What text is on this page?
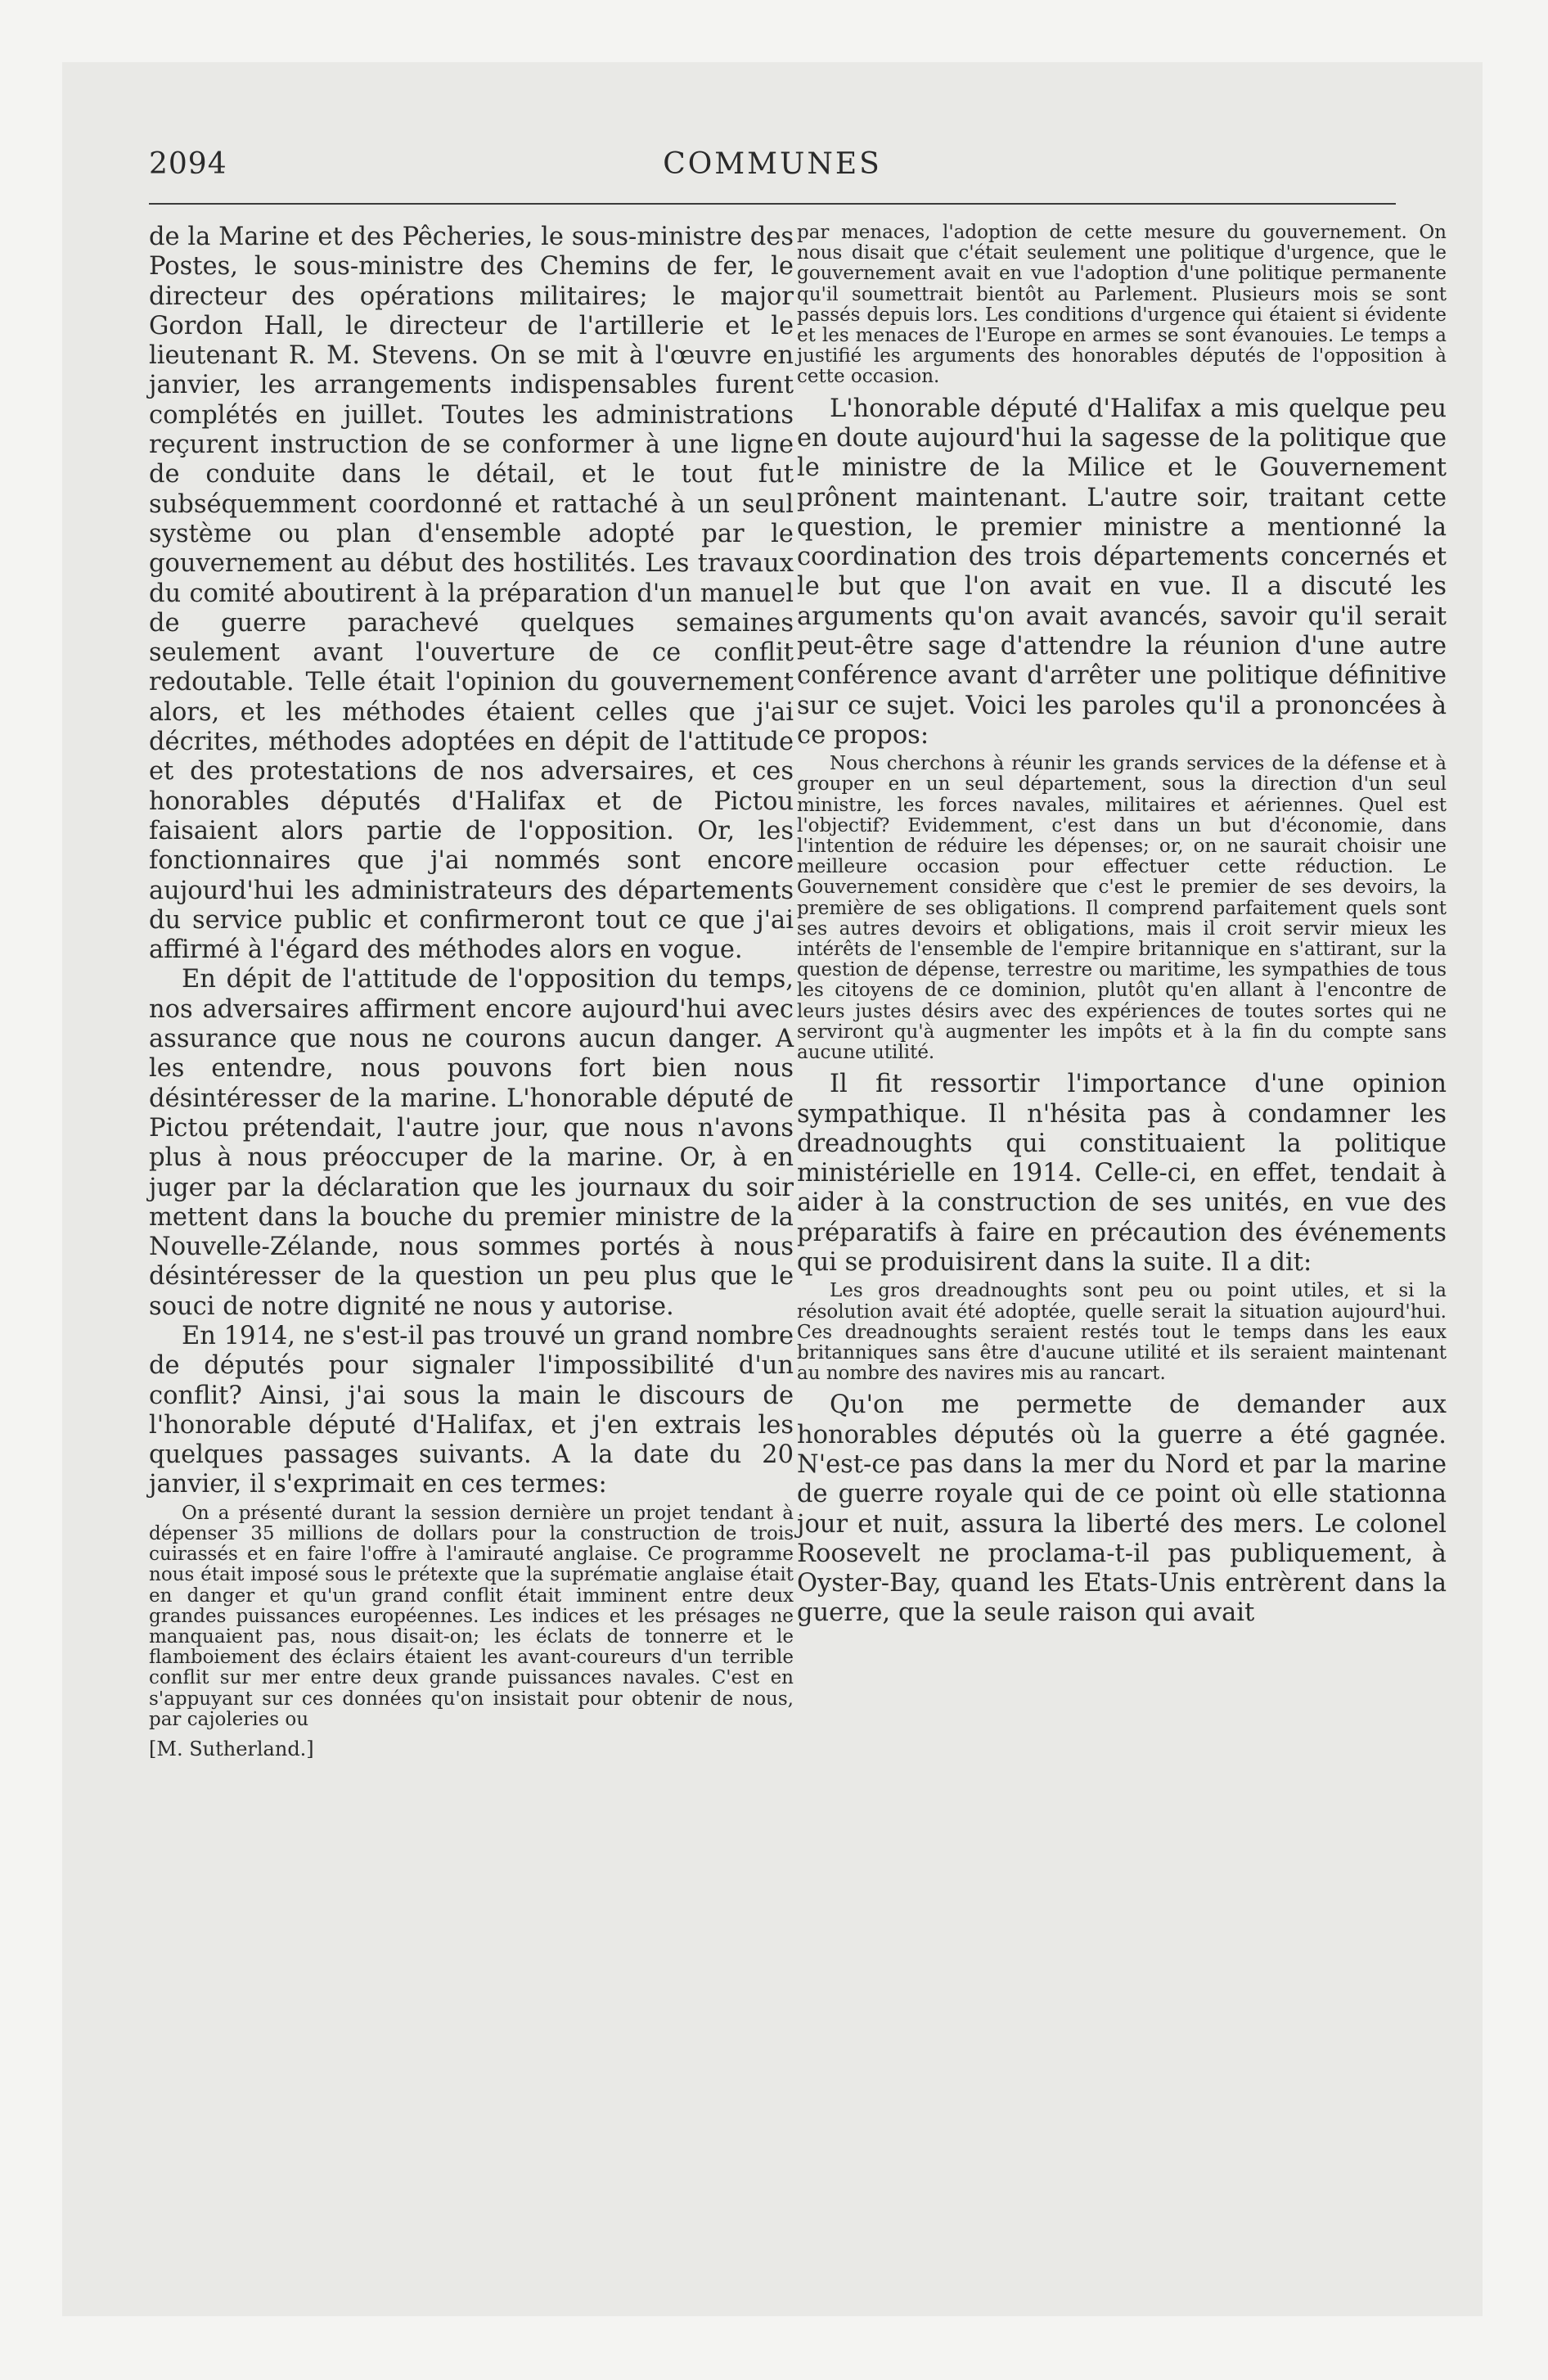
2094	COMMUNES

de la Marine et des Pêcheries, le sous-ministre des Postes, le sous-ministre des Chemins de fer, le directeur des opérations militaires; le major Gordon Hall, le directeur de l'artillerie et le lieutenant R. M. Stevens. On se mit à l'œuvre en janvier, les arrangements indispensables furent complétés en juillet. Toutes les administrations reçurent instruction de se conformer à une ligne de conduite dans le détail, et le tout fut subséquemment coordonné et rattaché à un seul système ou plan d'ensemble adopté par le gouvernement au début des hostilités. Les travaux du comité aboutirent à la préparation d'un manuel de guerre parachevé quelques semaines seulement avant l'ouverture de ce conflit redoutable. Telle était l'opinion du gouvernement alors, et les méthodes étaient celles que j'ai décrites, méthodes adoptées en dépit de l'attitude et des protestations de nos adversaires, et ces honorables députés d'Halifax et de Pictou faisaient alors partie de l'opposition. Or, les fonctionnaires que j'ai nommés sont encore aujourd'hui les administrateurs des départements du service public et confirmeront tout ce que j'ai affirmé à l'égard des méthodes alors en vogue.

En dépit de l'attitude de l'opposition du temps, nos adversaires affirment encore aujourd'hui avec assurance que nous ne courons aucun danger. A les entendre, nous pouvons fort bien nous désintéresser de la marine. L'honorable député de Pictou prétendait, l'autre jour, que nous n'avons plus à nous préoccuper de la marine. Or, à en juger par la déclaration que les journaux du soir mettent dans la bouche du premier ministre de la Nouvelle-Zélande, nous sommes portés à nous désintéresser de la question un peu plus que le souci de notre dignité ne nous y autorise.

En 1914, ne s'est-il pas trouvé un grand nombre de députés pour signaler l'impossibilité d'un conflit? Ainsi, j'ai sous la main le discours de l'honorable député d'Halifax, et j'en extrais les quelques passages suivants. A la date du 20 janvier, il s'exprimait en ces termes:

On a présenté durant la session dernière un projet tendant à dépenser 35 millions de dollars pour la construction de trois cuirassés et en faire l'offre à l'amirauté anglaise. Ce programme nous était imposé sous le prétexte que la suprématie anglaise était en danger et qu'un grand conflit était imminent entre deux grandes puissances européennes. Les indices et les présages ne manquaient pas, nous disait-on; les éclats de tonnerre et le flamboiement des éclairs étaient les avant-coureurs d'un terrible conflit sur mer entre deux grande puissances navales. C'est en s'appuyant sur ces données qu'on insistait pour obtenir de nous, par cajoleries ou

[M. Sutherland.]

par menaces, l'adoption de cette mesure du gouvernement. On nous disait que c'était seulement une politique d'urgence, que le gouvernement avait en vue l'adoption d'une politique permanente qu'il soumettrait bientôt au Parlement. Plusieurs mois se sont passés depuis lors. Les conditions d'urgence qui étaient si évidente et les menaces de l'Europe en armes se sont évanouies. Le temps a justifié les arguments des honorables députés de l'opposition à cette occasion.

L'honorable député d'Halifax a mis quelque peu en doute aujourd'hui la sagesse de la politique que le ministre de la Milice et le Gouvernement prônent maintenant. L'autre soir, traitant cette question, le premier ministre a mentionné la coordination des trois départements concernés et le but que l'on avait en vue. Il a discuté les arguments qu'on avait avancés, savoir qu'il serait peut-être sage d'attendre la réunion d'une autre conférence avant d'arrêter une politique définitive sur ce sujet. Voici les paroles qu'il a prononcées à ce propos:

Nous cherchons à réunir les grands services de la défense et à grouper en un seul département, sous la direction d'un seul ministre, les forces navales, militaires et aériennes. Quel est l'objectif? Evidemment, c'est dans un but d'économie, dans l'intention de réduire les dépenses; or, on ne saurait choisir une meilleure occasion pour effectuer cette réduction. Le Gouvernement considère que c'est le premier de ses devoirs, la première de ses obligations. Il comprend parfaitement quels sont ses autres devoirs et obligations, mais il croit servir mieux les intérêts de l'ensemble de l'empire britannique en s'attirant, sur la question de dépense, terrestre ou maritime, les sympathies de tous les citoyens de ce dominion, plutôt qu'en allant à l'encontre de leurs justes désirs avec des expériences de toutes sortes qui ne serviront qu'à augmenter les impôts et à la fin du compte sans aucune utilité.

Il fit ressortir l'importance d'une opinion sympathique. Il n'hésita pas à condamner les dreadnoughts qui constituaient la politique ministérielle en 1914. Celle-ci, en effet, tendait à aider à la construction de ses unités, en vue des préparatifs à faire en précaution des événements qui se produisirent dans la suite. Il a dit:

Les gros dreadnoughts sont peu ou point utiles, et si la résolution avait été adoptée, quelle serait la situation aujourd'hui. Ces dreadnoughts seraient restés tout le temps dans les eaux britanniques sans être d'aucune utilité et ils seraient maintenant au nombre des navires mis au rancart.

Qu'on me permette de demander aux honorables députés où la guerre a été gagnée. N'est-ce pas dans la mer du Nord et par la marine de guerre royale qui de ce point où elle stationna jour et nuit, assura la liberté des mers. Le colonel Roosevelt ne proclama-t-il pas publiquement, à Oyster-Bay, quand les Etats-Unis entrèrent dans la guerre, que la seule raison qui avait
